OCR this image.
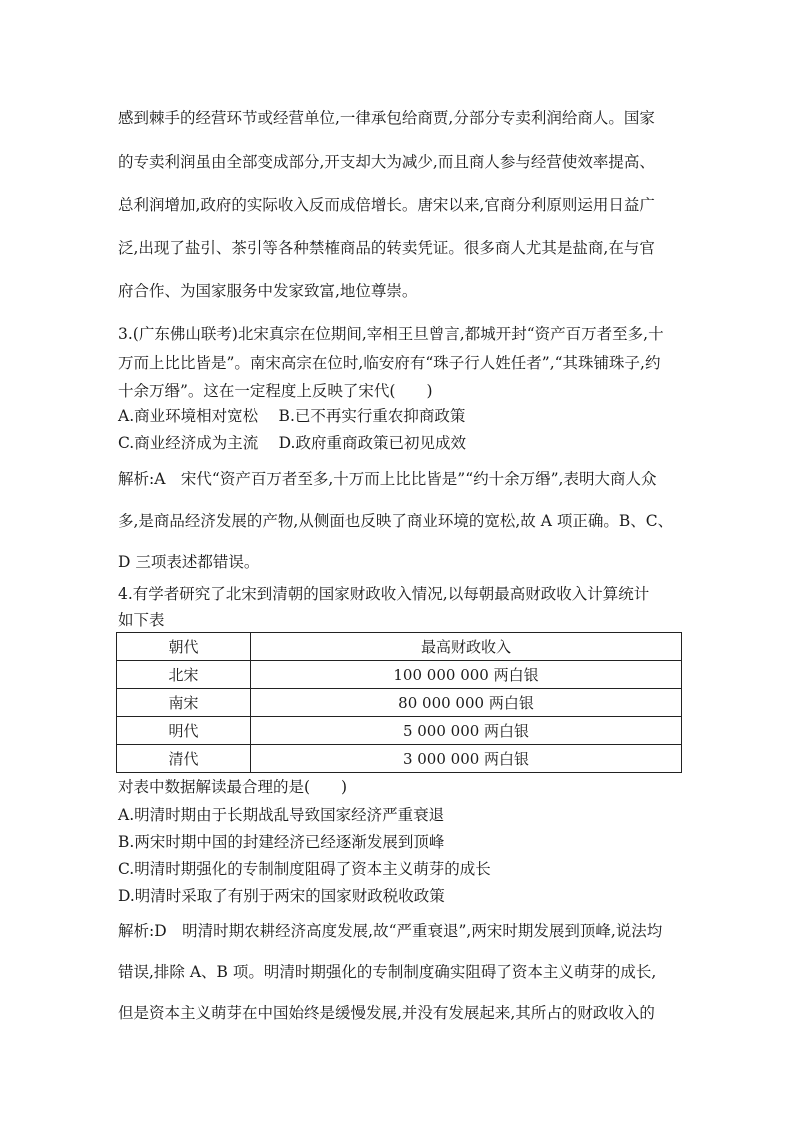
感到棘手的经营环节或经营单位,一律承包给商贾,分部分专卖利润给商人。国家
的专卖利润虽由全部变成部分,开支却大为减少,而且商人参与经营使效率提高、
总利润增加,政府的实际收入反而成倍增长。唐宋以来,官商分利原则运用日益广
泛,出现了盐引、茶引等各种禁榷商品的转卖凭证。很多商人尤其是盐商,在与官
府合作、为国家服务中发家致富,地位尊崇。
3.(广东佛山联考)北宋真宗在位期间,宰相王旦曾言,都城开封“资产百万者至多,十
万而上比比皆是”。南宋高宗在位时,临安府有“珠子行人姓任者”,“其珠铺珠子,约
十余万缗”。这在一定程度上反映了宋代(　　)
A.商业环境相对宽松　 B.已不再实行重农抑商政策
C.商业经济成为主流　 D.政府重商政策已初见成效
解析:A　宋代“资产百万者至多,十万而上比比皆是”“约十余万缗”,表明大商人众
多,是商品经济发展的产物,从侧面也反映了商业环境的宽松,故 A 项正确。B、C、
D 三项表述都错误。
4.有学者研究了北宋到清朝的国家财政收入情况,以每朝最高财政收入计算统计
如下表
朝代	最高财政收入
北宋	100 000 000 两白银
南宋	80 000 000 两白银
明代	5 000 000 两白银
清代	3 000 000 两白银
对表中数据解读最合理的是(　　)
A.明清时期由于长期战乱导致国家经济严重衰退
B.两宋时期中国的封建经济已经逐渐发展到顶峰
C.明清时期强化的专制制度阻碍了资本主义萌芽的成长
D.明清时采取了有别于两宋的国家财政税收政策
解析:D　明清时期农耕经济高度发展,故“严重衰退”,两宋时期发展到顶峰,说法均
错误,排除 A、B 项。明清时期强化的专制制度确实阻碍了资本主义萌芽的成长,
但是资本主义萌芽在中国始终是缓慢发展,并没有发展起来,其所占的财政收入的
